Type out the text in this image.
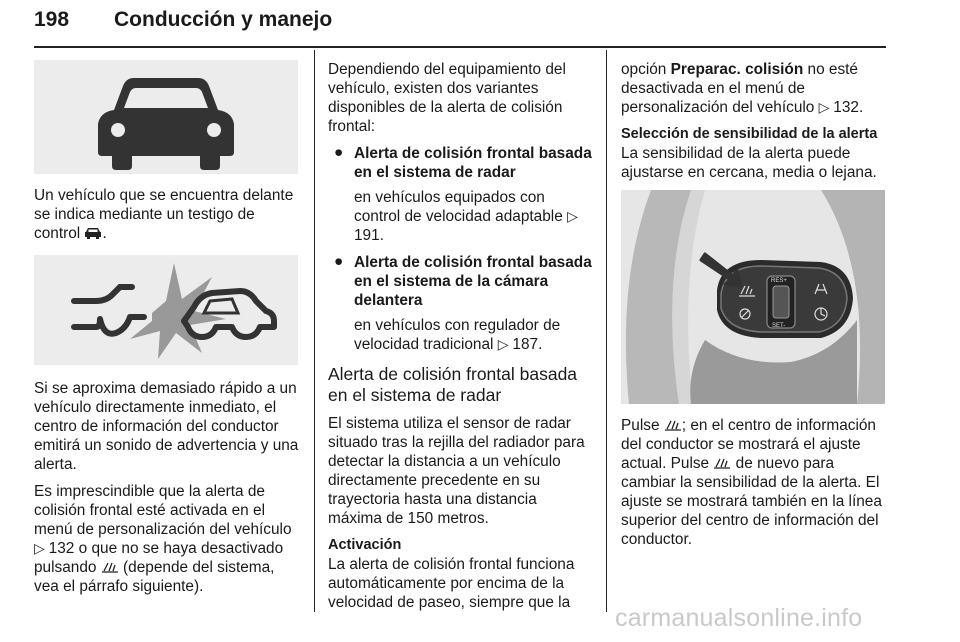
198 Conducción y manejo

Un vehículo que se encuentra delante se indica mediante un testigo de control .

Si se aproxima demasiado rápido a un vehículo directamente inmediato, el centro de información del conductor emitirá un sonido de advertencia y una alerta.

Es imprescindible que la alerta de colisión frontal esté activada en el menú de personalización del vehículo ▷ 132 o que no se haya desactivado pulsando  (depende del sistema, vea el párrafo siguiente).

Dependiendo del equipamiento del vehículo, existen dos variantes disponibles de la alerta de colisión frontal:

● Alerta de colisión frontal basada en el sistema de radar

en vehículos equipados con control de velocidad adaptable ▷ 191.

● Alerta de colisión frontal basada en el sistema de la cámara delantera

en vehículos con regulador de velocidad tradicional ▷ 187.

Alerta de colisión frontal basada en el sistema de radar

El sistema utiliza el sensor de radar situado tras la rejilla del radiador para detectar la distancia a un vehículo directamente precedente en su trayectoria hasta una distancia máxima de 150 metros.

Activación

La alerta de colisión frontal funciona automáticamente por encima de la velocidad de paseo, siempre que la

opción Preparac. colisión no esté desactivada en el menú de personalización del vehículo ▷ 132.

Selección de sensibilidad de la alerta

La sensibilidad de la alerta puede ajustarse en cercana, media o lejana.

RES+
SET-

Pulse ; en el centro de información del conductor se mostrará el ajuste actual. Pulse  de nuevo para cambiar la sensibilidad de la alerta. El ajuste se mostrará también en la línea superior del centro de información del conductor.

carmanualsonline.info
